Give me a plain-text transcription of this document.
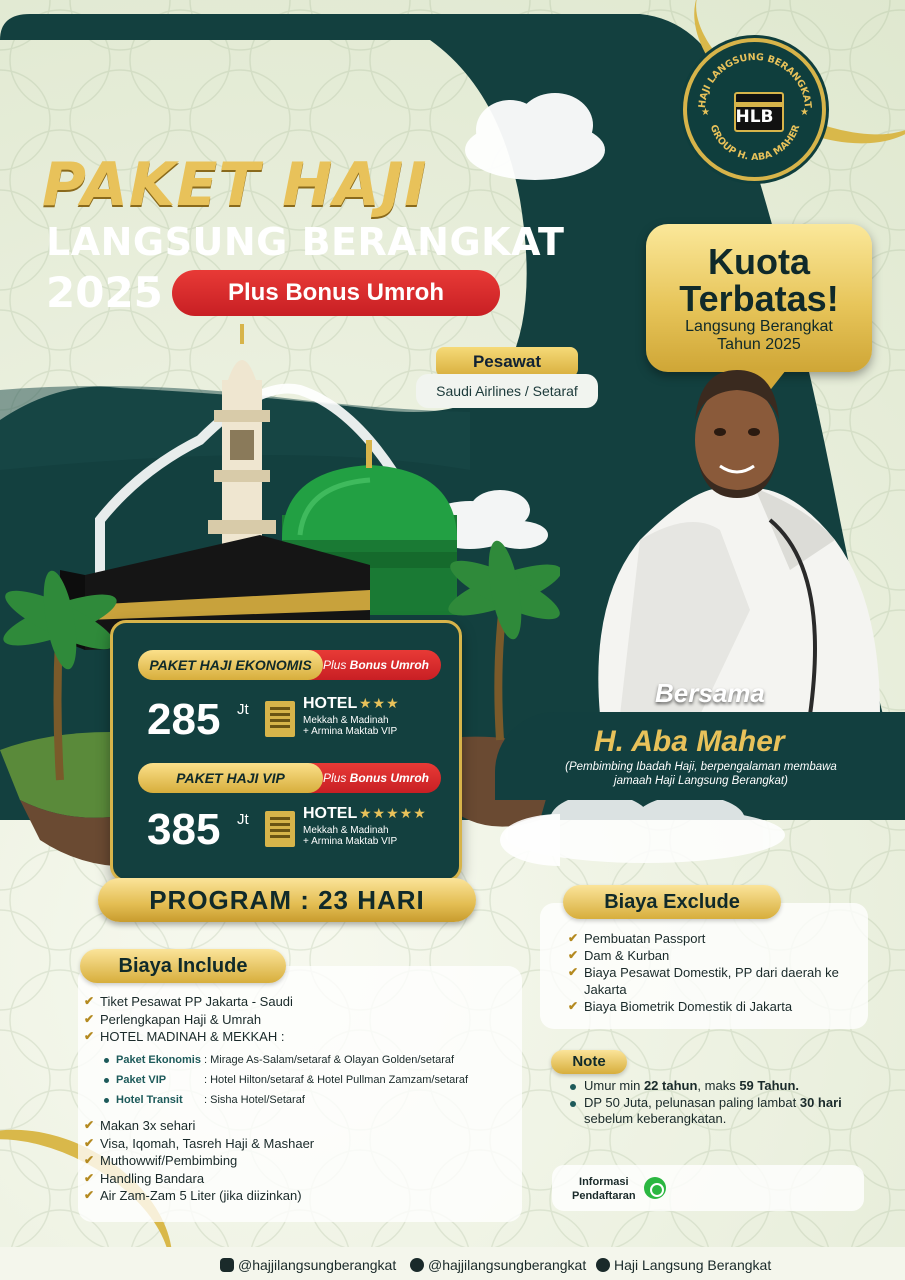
HAJI LANGSUNG BERANGKAT
GROUP H. ABA MAHER
★	★
HLB
PAKET HAJI
LANGSUNG BERANGKAT
2025	Plus Bonus Umroh
Pesawat
Saudi Airlines / Setaraf
Kuota
Terbatas!
Langsung Berangkat
Tahun 2025
Bersama
H. Aba Maher
(Pembimbing Ibadah Haji, berpengalaman membawa jamaah Haji Langsung Berangkat)
Plus Bonus Umroh
PAKET HAJI EKONOMIS
285 Jt	HOTEL ★★★
Mekkah & Madinah
+ Armina Maktab VIP
Plus Bonus Umroh
PAKET HAJI VIP
385 Jt	HOTEL ★★★★★
Mekkah & Madinah
+ Armina Maktab VIP
PROGRAM : 23 HARI
Biaya Include
✔ Tiket Pesawat PP Jakarta - Saudi
✔ Perlengkapan Haji & Umrah
✔ HOTEL MADINAH & MEKKAH :
Paket Ekonomis : Mirage As-Salam/setaraf & Olayan Golden/setaraf
Paket VIP	: Hotel Hilton/setaraf & Hotel Pullman Zamzam/setaraf
Hotel Transit : Sisha Hotel/Setaraf
✔ Makan 3x sehari
✔ Visa, Iqomah, Tasreh Haji & Mashaer
✔ Muthowwif/Pembimbing
✔ Handling Bandara
✔ Air Zam-Zam 5 Liter (jika diizinkan)
Biaya Exclude
✔ Pembuatan Passport
✔ Dam & Kurban
✔ Biaya Pesawat Domestik, PP dari daerah ke Jakarta
✔ Biaya Biometrik Domestik di Jakarta
Note
Umur min 22 tahun, maks 59 Tahun.
DP 50 Juta, pelunasan paling lambat 30 hari sebelum keberangkatan.
Informasi
Pendaftaran
@hajjilangsungberangkat @hajjilangsungberangkat Haji Langsung Berangkat
